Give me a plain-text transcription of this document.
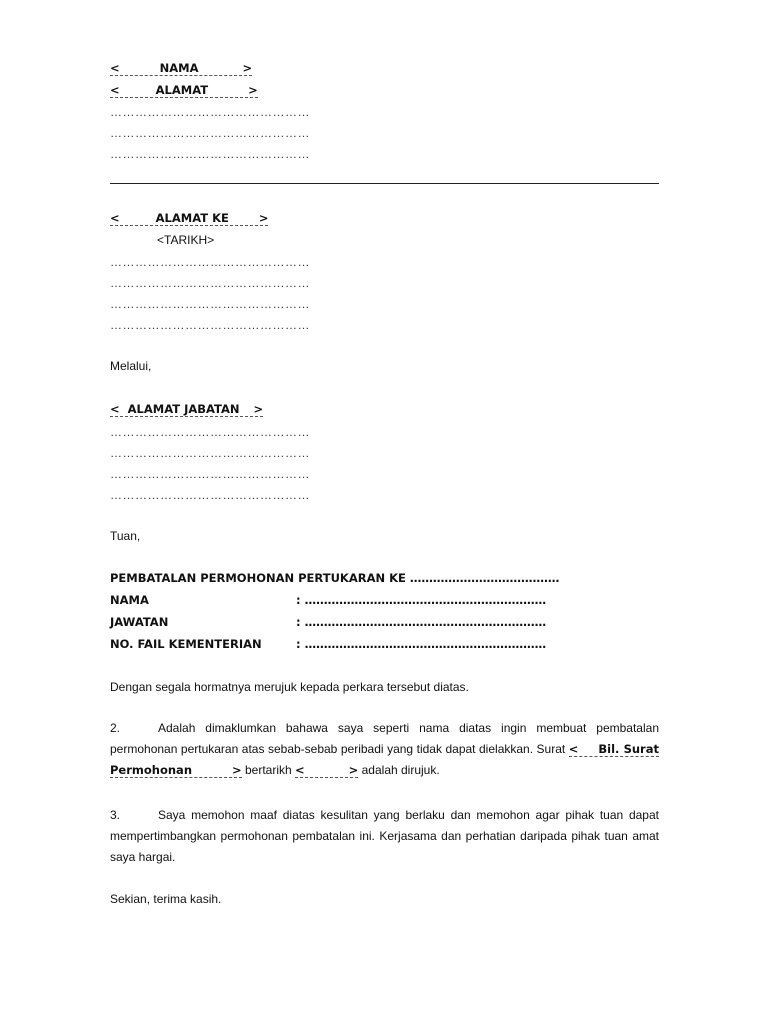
<	NAMA	>
<	ALAMAT	>
…………………………………………
…………………………………………
…………………………………………
<	ALAMAT KE	>
<TARIKH>
…………………………………………
…………………………………………
…………………………………………
…………………………………………
Melalui,
< ALAMAT JABATAN >
…………………………………………
…………………………………………
…………………………………………
…………………………………………
Tuan,
PEMBATALAN PERMOHONAN PERTUKARAN KE …………………………………
NAMA	: ………………………………………………………
JAWATAN	: ………………………………………………………
NO. FAIL KEMENTERIAN	: ………………………………………………………
Dengan segala hormatnya merujuk kepada perkara tersebut diatas.
2.	Adalah dimaklumkan bahawa saya seperti nama diatas ingin membuat pembatalan permohonan pertukaran atas sebab-sebab peribadi yang tidak dapat dielakkan. Surat < Bil. Surat Permohonan	> bertarikh <	> adalah dirujuk.
3.	Saya memohon maaf diatas kesulitan yang berlaku dan memohon agar pihak tuan dapat mempertimbangkan permohonan pembatalan ini. Kerjasama dan perhatian daripada pihak tuan amat saya hargai.
Sekian, terima kasih.
